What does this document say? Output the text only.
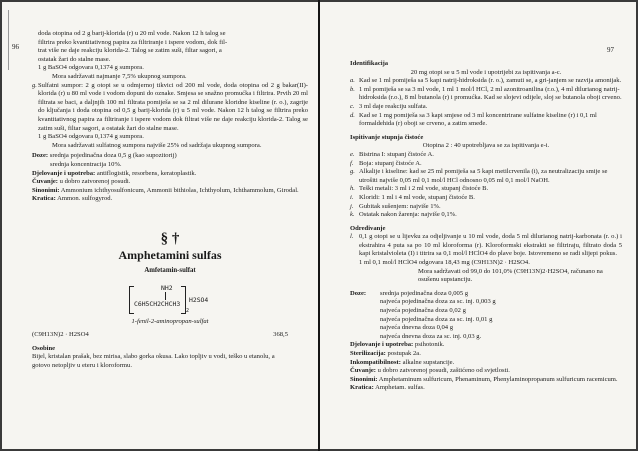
96

doda otopina od 2 g barij-klorida (r) u 20 ml vode. Nakon 12 h talog se

filtrira preko kvantitativnog papira za filtriranje i ispere vodom, dok fil-

trat više ne daje reakciju klorida-2. Talog se zatim suši, filtar sagori, a

ostatak žari do stalne mase.

1 g BaSO4 odgovara 0,1374 g sumpora.

Mora sadržavati najmanje 7,5% ukupnog sumpora.

g. Sulfatni sumpor: 2 g otopi se u odmjernoj tikvici od 200 ml vode, doda otopina od 2 g bakar(II)-klorida (r) u 80 ml vode i vodom dopuni do oznake. Smjesa se snažno promućka i filtrira. Prvih 20 ml filtrata se baci, a daljnjih 100 ml filtrata pomiješa se sa 2 ml dilurane kloridne kiseline (r. o.), zagrije do ključanja i doda otopina od 0,5 g barij-klorida (r) u 5 ml vode. Nakon 12 h talog se filtrira preko kvantitativnog papira za filtriranje i ispere vodom dok filtrat više ne daje reakciju klorida-2. Talog se zatim suši, filtar sagori, a ostatak žari do stalne mase.

1 g BaSO4 odgovara 0,1374 g sumpora.

Mora sadržavati sulfatnog sumpora najviše 25% od sadržaja ukupnog sumpora.

Doze: srednja pojedinačna doza 0,5 g (kao supozitorij)

srednja koncentracija 10%.

Djelovanje i upotreba: antiflogistik, resorbens, keratoplastik.

Čuvanje: u dobro zatvorenoj posudi.

Sinonimi: Ammonium ichthyosulfonicum, Ammonii bithiolas, Ichthyolum, Ichthammolum, Girodal.

Kratica: Ammon. sulfogyrod.

§ †
Amphetamini sulfas
Amfetamin-sulfat
NH2
C6H5CH2CHCH3
2
H2SO4

1-fenil-2-aminopropan-sulfat

(C9H13N)2 · H2SO4	368,5

Osobine

Bijel, kristalan prašak, bez mirisa, slabo gorka okusa. Lako topljiv u vodi, teško u etanolu, a gotovo netopljiv u eteru i kloroformu.

97

Identifikacija

20 mg otopi se u 5 ml vode i upotrijebi za ispitivanja a-c.

a. Kad se 1 ml pomiješa sa 5 kapi natrij-hidroksida (r. o.), zamuti se, a gri-janjem se razvija amonijak.
b. 1 ml pomiješa se sa 3 ml vode, 1 ml 1 mol/l HCl, 2 ml azonitroanilina (r.o.), 4 ml dilurianog natrij-hidroksida (r.o.), 8 ml butanola (r) i promućka. Kad se slojevi odijele, sloj se butanola oboji crveno.
c. 3 ml daje reakciju sulfata.
d. Kad se 1 mg pomiješa sa 3 kapi smjese od 3 ml koncentrirane sulfatne kiseline (r) i 0,1 ml formaldehida (r) oboji se crveno, a zatim smeđe.

Ispitivanje stupnja čistoće

Otopina 2 : 40 upotrebljava se za ispitivanja e-i.

e. Bistrina I: stupanj čistoće A.
f. Boja: stupanj čistoće A.
g. Alkalije i kiseline: kad se 25 ml pomiješa sa 5 kapi metilcrvenila (i), za neutralizaciju smije se utrošiti najviše 0,05 ml 0,1 mol/l HCl odnosno 0,05 ml 0,1 mol/l NaOH.
h. Teški metali: 3 ml i 2 ml vode, stupanj čistoće B.
i. Kloridi: 1 ml i 4 ml vode, stupanj čistoće B.
j. Gubitak sušenjem: najviše 1%.
k. Ostatak nakon žarenja: najviše 0,1%.

Određivanje

l. 0,1 g otopi se u lijevku za odjeljivanje u 10 ml vode, doda 5 ml dilurianog natrij-karbonata (r. o.) i ekstrahira 4 puta sa po 10 ml kloroforma (r). Kloroformski ekstrakti se filtriraju, filtrato doda 5 kapi kristalvioleta (I) i titrira sa 0,1 mol/l HClO4 do plave boje. Istovremeno se radi slijepi pokus.

1 ml 0,1 mol/l HClO4 odgovara 18,43 mg (C9H13N)2 · H2SO4.

Mora sadržavati od 99,0 do 101,0% (C9H13N)2·H2SO4, računano na osušenu supstanciju.

Doze:	srednja pojedinačna doza 0,005 g

najveća pojedinačna doza za sc. inj. 0,003 g

najveća pojedinačna doza 0,02 g

najveća pojedinačna doza za sc. inj. 0,01 g

najveća dnevna doza 0,04 g

najveća dnevna doza za sc. inj. 0,03 g.

Djelovanje i upotreba: psihotonik.

Sterilizacija: postupak 2a.

Inkompatibilnost: alkalne supstancije.

Čuvanje: u dobro zatvorenoj posudi, zaštićeno od svjetlosti.

Sinonimi: Amphetaminum sulfuricum, Phenaminum, Phenylaminopropanum sulfuricum racemicum.

Kratica: Amphetam. sulfas.
